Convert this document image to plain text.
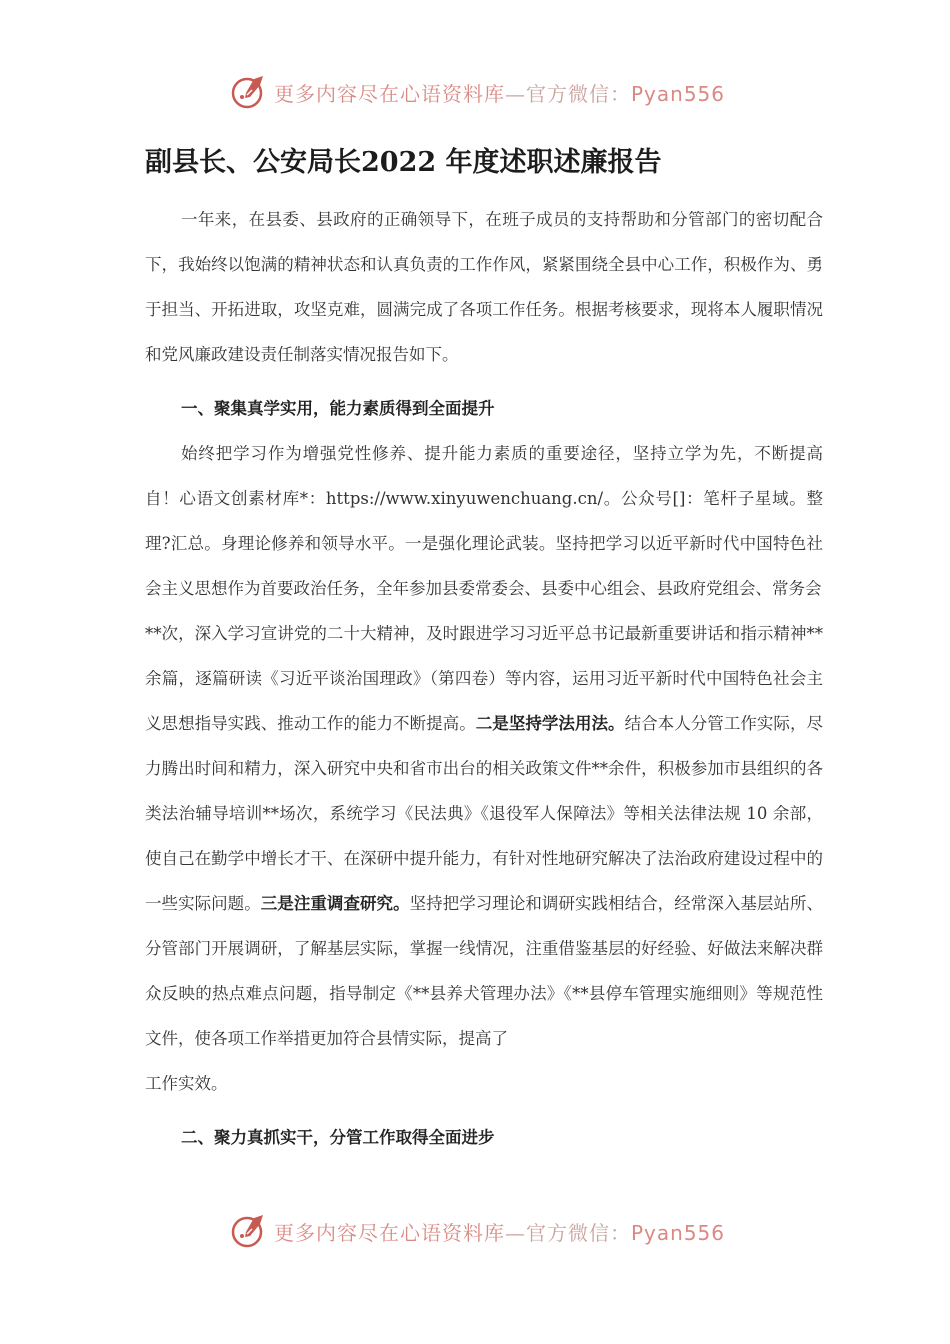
更多内容尽在心语资料库—官方微信：Pyan556
副县长、公安局长2022 年度述职述廉报告

一年来，在县委、县政府的正确领导下，在班子成员的支持帮助和分管部门的密切配合下，我始终以饱满的精神状态和认真负责的工作作风，紧紧围绕全县中心工作，积极作为、勇于担当、开拓进取，攻坚克难，圆满完成了各项工作任务。根据考核要求，现将本人履职情况和党风廉政建设责任制落实情况报告如下。

一、聚集真学实用，能力素质得到全面提升

始终把学习作为增强党性修养、提升能力素质的重要途径，坚持立学为先，不断提高自！心语文创素材库*：https://www.xinyuwenchuang.cn/。公众号[]：笔杆子星域。整理?汇总。身理论修养和领导水平。一是强化理论武装。坚持把学习以近平新时代中国特色社会主义思想作为首要政治任务，全年参加县委常委会、县委中心组会、县政府党组会、常务会

**次，深入学习宣讲党的二十大精神，及时跟进学习习近平总书记最新重要讲话和指示精神**余篇，逐篇研读《习近平谈治国理政》（第四卷）等内容，运用习近平新时代中国特色社会主义思想指导实践、推动工作的能力不断提高。二是坚持学法用法。结合本人分管工作实际，尽力腾出时间和精力，深入研究中央和省市出台的相关政策文件**余件，积极参加市县组织的各类法治辅导培训**场次，系统学习《民法典》《退役军人保障法》等相关法律法规 10 余部，使自己在勤学中增长才干、在深研中提升能力，有针对性地研究解决了法治政府建设过程中的一些实际问题。三是注重调查研究。坚持把学习理论和调研实践相结合，经常深入基层站所、分管部门开展调研，了解基层实际，掌握一线情况，注重借鉴基层的好经验、好做法来解决群众反映的热点难点问题，指导制定《**县养犬管理办法》《**县停车管理实施细则》等规范性文件，使各项工作举措更加符合县情实际，提高了

工作实效。

二、聚力真抓实干，分管工作取得全面进步

更多内容尽在心语资料库—官方微信：Pyan556
